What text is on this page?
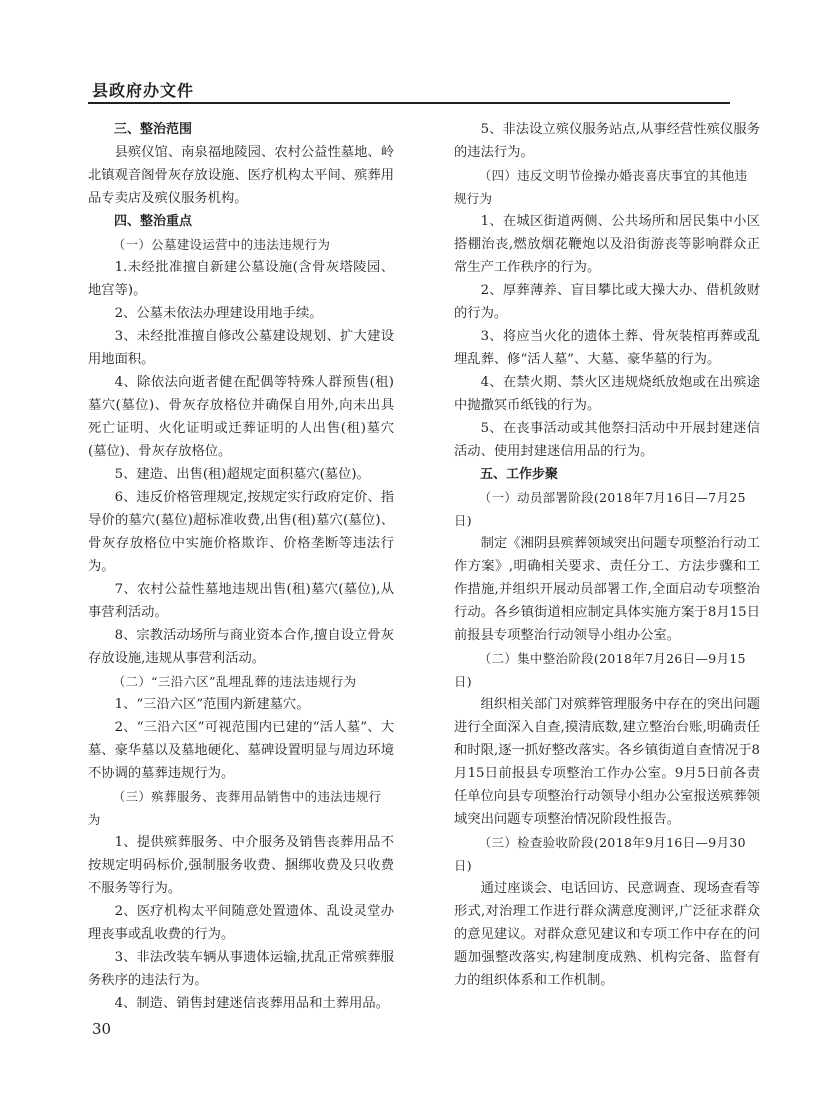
县政府办文件
三、整治范围
县殡仪馆、南泉福地陵园、农村公益性墓地、岭北镇观音阁骨灰存放设施、医疗机构太平间、殡葬用品专卖店及殡仪服务机构。
四、整治重点
（一）公墓建设运营中的违法违规行为
1.未经批准擅自新建公墓设施(含骨灰塔陵园、地宫等)。
2、公墓未依法办理建设用地手续。
3、未经批准擅自修改公墓建设规划、扩大建设用地面积。
4、除依法向逝者健在配偶等特殊人群预售(租)墓穴(墓位)、骨灰存放格位并确保自用外,向未出具死亡证明、火化证明或迁葬证明的人出售(租)墓穴(墓位)、骨灰存放格位。
5、建造、出售(租)超规定面积墓穴(墓位)。
6、违反价格管理规定,按规定实行政府定价、指导价的墓穴(墓位)超标准收费,出售(租)墓穴(墓位)、骨灰存放格位中实施价格欺诈、价格垄断等违法行为。
7、农村公益性墓地违规出售(租)墓穴(墓位),从事营利活动。
8、宗教活动场所与商业资本合作,擅自设立骨灰存放设施,违规从事营利活动。
（二）“三沿六区”乱埋乱葬的违法违规行为
1、“三沿六区”范围内新建墓穴。
2、“三沿六区”可视范围内已建的“活人墓”、大墓、豪华墓以及墓地硬化、墓碑设置明显与周边环境不协调的墓葬违规行为。
（三）殡葬服务、丧葬用品销售中的违法违规行为
1、提供殡葬服务、中介服务及销售丧葬用品不按规定明码标价,强制服务收费、捆绑收费及只收费不服务等行为。
2、医疗机构太平间随意处置遗体、乱设灵堂办理丧事或乱收费的行为。
3、非法改装车辆从事遗体运输,扰乱正常殡葬服务秩序的违法行为。
4、制造、销售封建迷信丧葬用品和土葬用品。
5、非法设立殡仪服务站点,从事经营性殡仪服务的违法行为。
（四）违反文明节俭操办婚丧喜庆事宜的其他违规行为
1、在城区街道两侧、公共场所和居民集中小区搭棚治丧,燃放烟花鞭炮以及沿街游丧等影响群众正常生产工作秩序的行为。
2、厚葬薄养、盲目攀比或大操大办、借机敛财的行为。
3、将应当火化的遗体土葬、骨灰装棺再葬或乱埋乱葬、修“活人墓”、大墓、豪华墓的行为。
4、在禁火期、禁火区违规烧纸放炮或在出殡途中抛撒冥币纸钱的行为。
5、在丧事活动或其他祭扫活动中开展封建迷信活动、使用封建迷信用品的行为。
五、工作步聚
（一）动员部署阶段(2018年7月16日—7月25日)
制定《湘阴县殡葬领域突出问题专项整治行动工作方案》,明确相关要求、责任分工、方法步骤和工作措施,并组织开展动员部署工作,全面启动专项整治行动。各乡镇街道相应制定具体实施方案于8月15日前报县专项整治行动领导小组办公室。
（二）集中整治阶段(2018年7月26日—9月15日)
组织相关部门对殡葬管理服务中存在的突出问题进行全面深入自查,摸清底数,建立整治台账,明确责任和时限,逐一抓好整改落实。各乡镇街道自查情况于8月15日前报县专项整治工作办公室。9月5日前各责任单位向县专项整治行动领导小组办公室报送殡葬领域突出问题专项整治情况阶段性报告。
（三）检查验收阶段(2018年9月16日—9月30日)
通过座谈会、电话回访、民意调查、现场查看等形式,对治理工作进行群众满意度测评,广泛征求群众的意见建议。对群众意见建议和专项工作中存在的问题加强整改落实,构建制度成熟、机构完备、监督有力的组织体系和工作机制。
30
